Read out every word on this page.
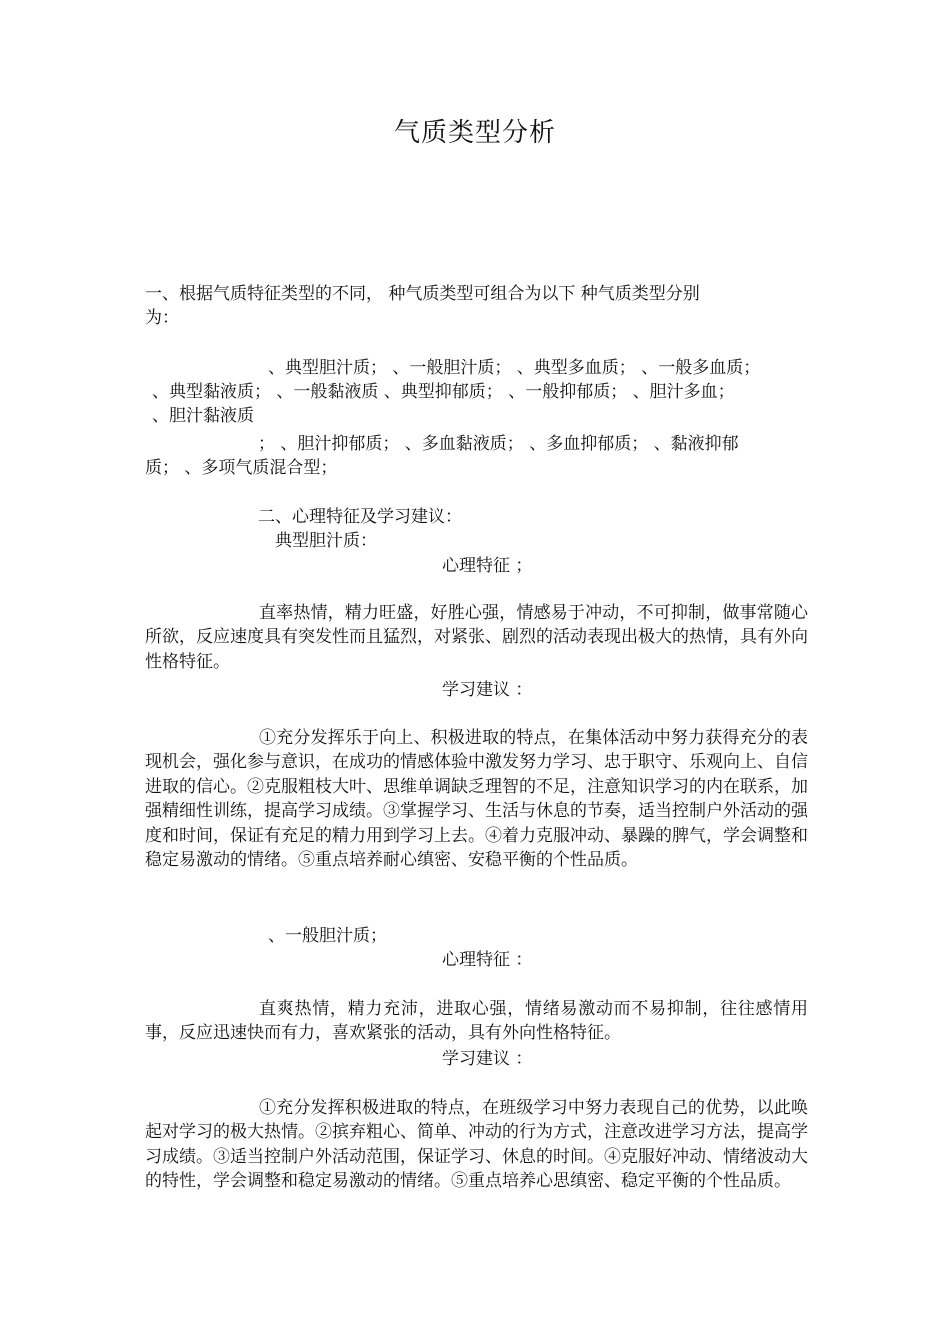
气质类型分析
一、根据气质特征类型的不同， 种气质类型可组合为以下 种气质类型分别
为：
、典型胆汁质； 、一般胆汁质； 、典型多血质； 、一般多血质；
、典型黏液质； 、一般黏液质 、典型抑郁质； 、一般抑郁质； 、胆汁多血；
、胆汁黏液质
； 、胆汁抑郁质； 、多血黏液质； 、多血抑郁质； 、黏液抑郁
质； 、多项气质混合型；
二、心理特征及学习建议：
典型胆汁质：
心理特征 ；
直率热情，精力旺盛，好胜心强，情感易于冲动，不可抑制，做事常随心所欲，反应速度具有突发性而且猛烈，对紧张、剧烈的活动表现出极大的热情，具有外向性格特征。
学习建议 ：
①充分发挥乐于向上、积极进取的特点，在集体活动中努力获得充分的表现机会，强化参与意识，在成功的情感体验中激发努力学习、忠于职守、乐观向上、自信进取的信心。②克服粗枝大叶、思维单调缺乏理智的不足，注意知识学习的内在联系，加强精细性训练，提高学习成绩。③掌握学习、生活与休息的节奏，适当控制户外活动的强度和时间，保证有充足的精力用到学习上去。④着力克服冲动、暴躁的脾气，学会调整和稳定易激动的情绪。⑤重点培养耐心缜密、安稳平衡的个性品质。
、一般胆汁质；
心理特征 ：
直爽热情，精力充沛，进取心强，情绪易激动而不易抑制，往往感情用事，反应迅速快而有力，喜欢紧张的活动，具有外向性格特征。
学习建议 ：
①充分发挥积极进取的特点，在班级学习中努力表现自己的优势，以此唤起对学习的极大热情。②摈弃粗心、简单、冲动的行为方式，注意改进学习方法，提高学习成绩。③适当控制户外活动范围，保证学习、休息的时间。④克服好冲动、情绪波动大的特性，学会调整和稳定易激动的情绪。⑤重点培养心思缜密、稳定平衡的个性品质。
